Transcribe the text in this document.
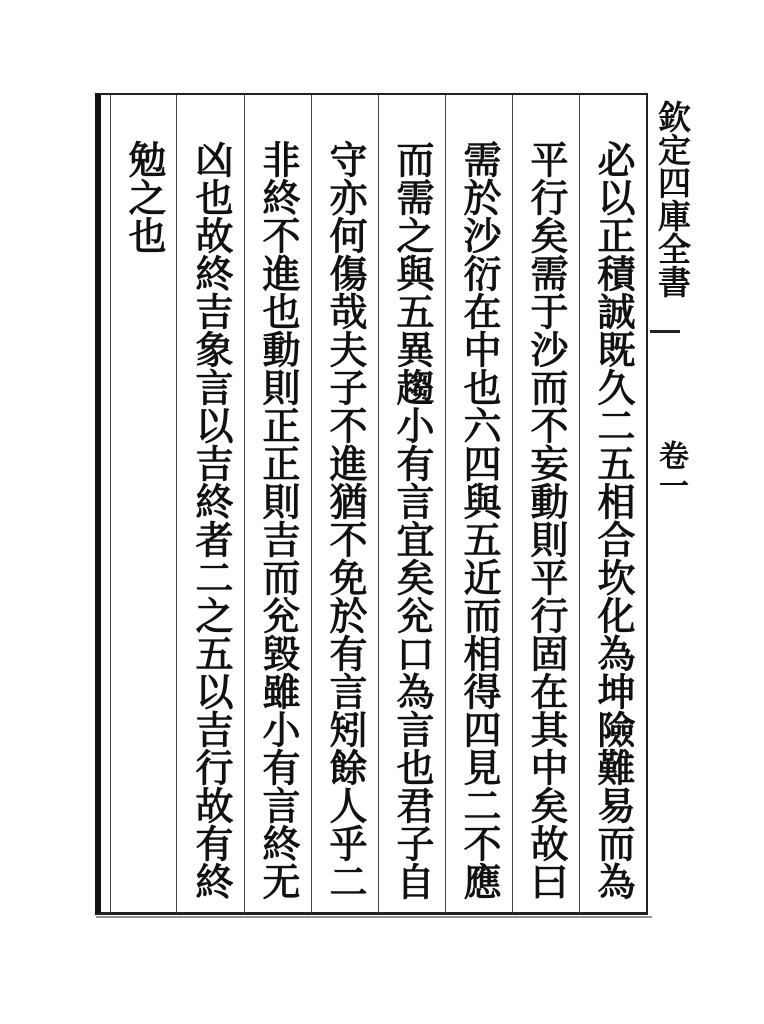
必以正積誠既久二五相合坎化為坤險難易而為
平行矣需于沙而不妄動則平行固在其中矣故曰
需於沙衍在中也六四與五近而相得四見二不應
而需之與五異趨小有言宜矣兊口為言也君子自
守亦何傷哉夫子不進猶不免於有言矧餘人乎二
非終不進也動則正正則吉而兊毀雖小有言終无
凶也故終吉象言以吉終者二之五以吉行故有終
勉之也	欽定四庫全書
卷一
